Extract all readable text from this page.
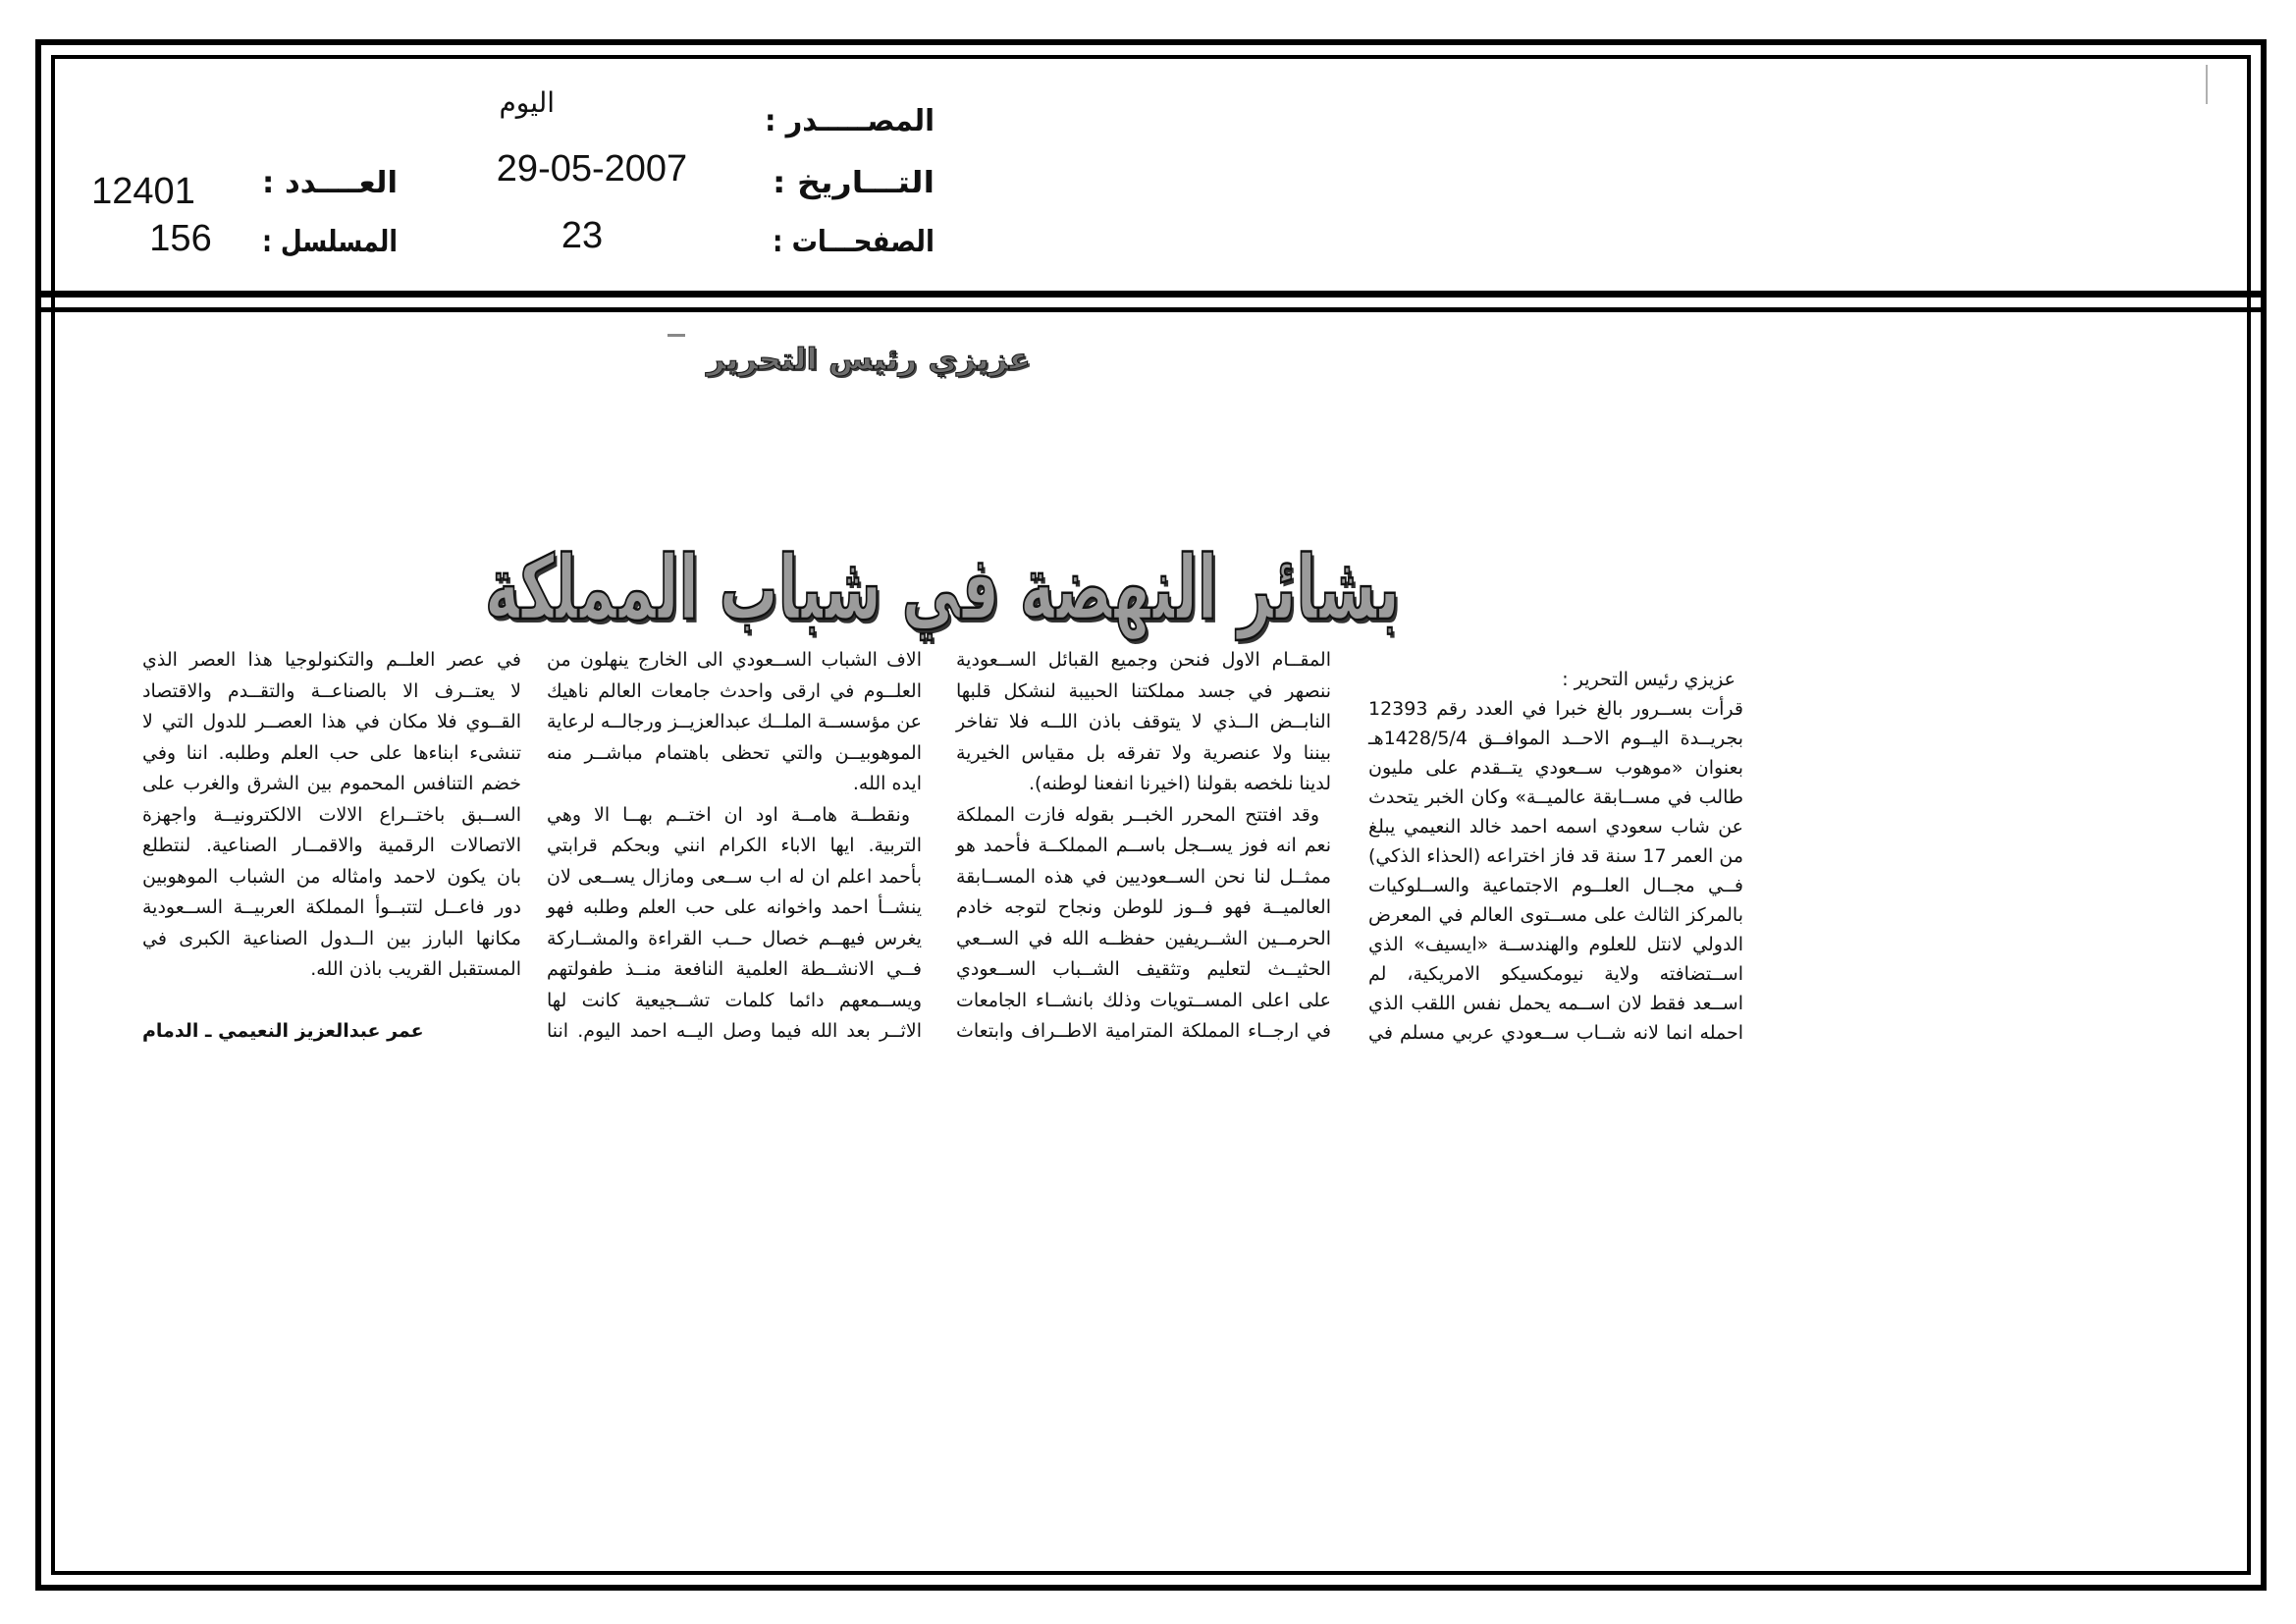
المصـــــدر :
اليوم
التـــاريخ :
29-05-2007
الصفحـــات :
23
العــــدد :
12401
المسلسل :
156
عزيزي رئيس التحرير
بشائر النهضة في شباب المملكة
عزيزي رئيس التحرير :
قرأت بســرور بالغ خبرا في العدد رقم 12393
بجريــدة اليــوم الاحــد الموافــق 1428/5/4هـ
بعنوان «موهوب ســعودي يتــقدم على مليون
طالب في مســابقة عالميــة» وكان الخبر يتحدث
عن شاب سعودي اسمه احمد خالد النعيمي يبلغ
من العمر 17 سنة قد فاز اختراعه (الحذاء الذكي)
فــي مجــال العلــوم الاجتماعية والســلوكيات
بالمركز الثالث على مســتوى العالم في المعرض
الدولي لانتل للعلوم والهندســة «ايسيف» الذي
اســتضافته ولاية نيومكسيكو الامريكية، لم
اســعد فقط لان اســمه يحمل نفس اللقب الذي
احمله انما لانه شــاب ســعودي عربي مسلم في
المقــام الاول فنحن وجميع القبائل الســعودية
ننصهر في جسد مملكتنا الحبيبة لنشكل قلبها
النابــض الــذي لا يتوقف باذن اللــه فلا تفاخر
بيننا ولا عنصرية ولا تفرقه بل مقياس الخيرية
لدينا نلخصه بقولنا (اخيرنا انفعنا لوطنه).
وقد افتتح المحرر الخبــر بقوله فازت المملكة
نعم انه فوز يســجل باســم المملكــة فأحمد هو
ممثــل لنا نحن الســعوديين في هذه المســابقة
العالميــة فهو فــوز للوطن ونجاح لتوجه خادم
الحرمــين الشــريفين حفظــه الله في الســعي
الحثيــث لتعليم وتثقيف الشــباب الســعودي
على اعلى المســتويات وذلك بانشــاء الجامعات
في ارجــاء المملكة المترامية الاطــراف وابتعاث
الاف الشباب الســعودي الى الخارج ينهلون من
العلــوم في ارقى واحدث جامعات العالم ناهيك
عن مؤسســة الملــك عبدالعزيــز ورجالــه لرعاية
الموهوبيــن والتي تحظى باهتمام مباشــر منه
ايده الله.
ونقطــة هامــة اود ان اختــم بهــا الا وهي
التربية. ايها الاباء الكرام انني وبحكم قرابتي
بأحمد اعلم ان له اب ســعى ومازال يســعى لان
ينشــأ احمد واخوانه على حب العلم وطلبه فهو
يغرس فيهــم خصال حــب القراءة والمشــاركة
فــي الانشــطة العلمية النافعة منــذ طفولتهم
ويســمعهم دائما كلمات تشــجيعية كانت لها
الاثــر بعد الله فيما وصل اليــه احمد اليوم. اننا
في عصر العلــم والتكنولوجيا هذا العصر الذي
لا يعتــرف الا بالصناعــة والتقــدم والاقتصاد
القــوي فلا مكان في هذا العصــر للدول التي لا
تنشىء ابناءها على حب العلم وطلبه. اننا وفي
خضم التنافس المحموم بين الشرق والغرب على
الســبق باختــراع الالات الالكترونيــة واجهزة
الاتصالات الرقمية والاقمــار الصناعية. لنتطلع
بان يكون لاحمد وامثاله من الشباب الموهوبين
دور فاعــل لتتبــوأ المملكة العربيــة الســعودية
مكانها البارز بين الــدول الصناعية الكبرى في
المستقبل القريب باذن الله.
عمر عبدالعزيز النعيمي ـ الدمام
